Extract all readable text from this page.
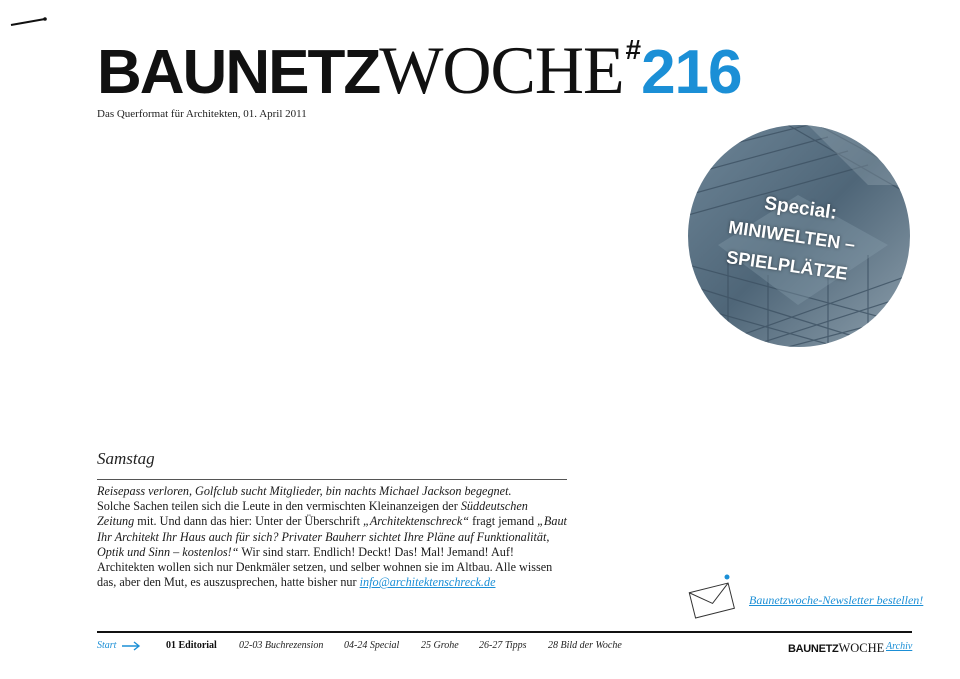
BAUNETZWOCHE#216
Das Querformat für Architekten, 01. April 2011
Special:
MINIWELTEN –
SPIELPLÄTZE
Samstag

Reisepass verloren, Golfclub sucht Mitglieder, bin nachts Michael Jackson begegnet.

Solche Sachen teilen sich die Leute in den vermischten Kleinanzeigen der Süddeutschen Zeitung mit. Und dann das hier: Unter der Überschrift „Architektenschreck“ fragt jemand „Baut Ihr Architekt Ihr Haus auch für sich? Privater Bauherr sichtet Ihre Pläne auf Funktionalität, Optik und Sinn – kostenlos!“ Wir sind starr. Endlich! Deckt! Das! Mal! Jemand! Auf! Architekten wollen sich nur Denkmäler setzen, und selber wohnen sie im Altbau. Alle wissen das, aber den Mut, es auszusprechen, hatte bisher nur info@architektenschreck.de

Baunetzwoche-Newsletter bestellen!
Start	01 Editorial 02-03 Buchrezension 04-24 Special 25 Grohe 26-27 Tipps 28 Bild der Woche	BAUNETZWOCHE Archiv
